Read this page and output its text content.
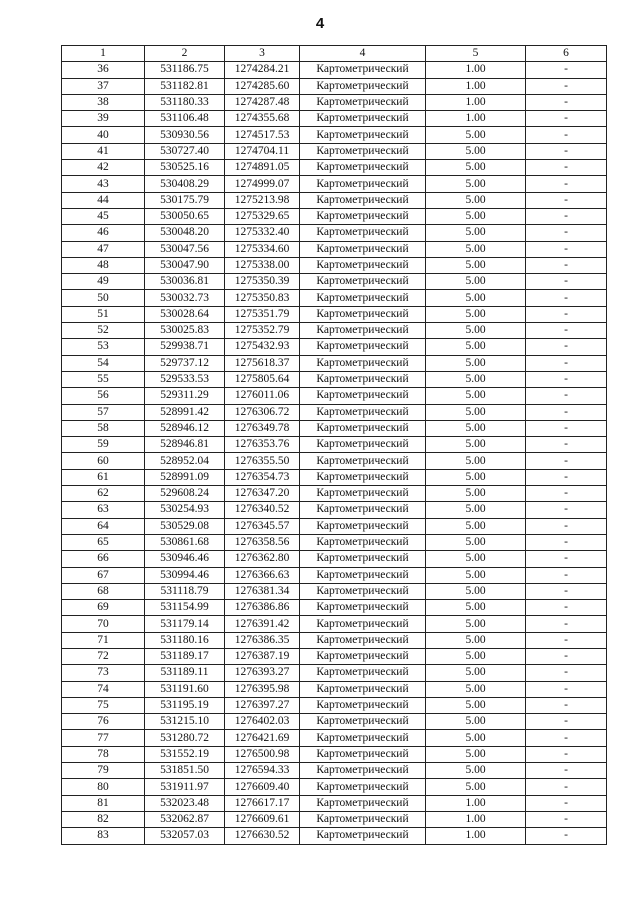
4
1	2	3	4	5	6
36	531186.75	1274284.21	Картометрический	1.00	-
37	531182.81	1274285.60	Картометрический	1.00	-
38	531180.33	1274287.48	Картометрический	1.00	-
39	531106.48	1274355.68	Картометрический	1.00	-
40	530930.56	1274517.53	Картометрический	5.00	-
41	530727.40	1274704.11	Картометрический	5.00	-
42	530525.16	1274891.05	Картометрический	5.00	-
43	530408.29	1274999.07	Картометрический	5.00	-
44	530175.79	1275213.98	Картометрический	5.00	-
45	530050.65	1275329.65	Картометрический	5.00	-
46	530048.20	1275332.40	Картометрический	5.00	-
47	530047.56	1275334.60	Картометрический	5.00	-
48	530047.90	1275338.00	Картометрический	5.00	-
49	530036.81	1275350.39	Картометрический	5.00	-
50	530032.73	1275350.83	Картометрический	5.00	-
51	530028.64	1275351.79	Картометрический	5.00	-
52	530025.83	1275352.79	Картометрический	5.00	-
53	529938.71	1275432.93	Картометрический	5.00	-
54	529737.12	1275618.37	Картометрический	5.00	-
55	529533.53	1275805.64	Картометрический	5.00	-
56	529311.29	1276011.06	Картометрический	5.00	-
57	528991.42	1276306.72	Картометрический	5.00	-
58	528946.12	1276349.78	Картометрический	5.00	-
59	528946.81	1276353.76	Картометрический	5.00	-
60	528952.04	1276355.50	Картометрический	5.00	-
61	528991.09	1276354.73	Картометрический	5.00	-
62	529608.24	1276347.20	Картометрический	5.00	-
63	530254.93	1276340.52	Картометрический	5.00	-
64	530529.08	1276345.57	Картометрический	5.00	-
65	530861.68	1276358.56	Картометрический	5.00	-
66	530946.46	1276362.80	Картометрический	5.00	-
67	530994.46	1276366.63	Картометрический	5.00	-
68	531118.79	1276381.34	Картометрический	5.00	-
69	531154.99	1276386.86	Картометрический	5.00	-
70	531179.14	1276391.42	Картометрический	5.00	-
71	531180.16	1276386.35	Картометрический	5.00	-
72	531189.17	1276387.19	Картометрический	5.00	-
73	531189.11	1276393.27	Картометрический	5.00	-
74	531191.60	1276395.98	Картометрический	5.00	-
75	531195.19	1276397.27	Картометрический	5.00	-
76	531215.10	1276402.03	Картометрический	5.00	-
77	531280.72	1276421.69	Картометрический	5.00	-
78	531552.19	1276500.98	Картометрический	5.00	-
79	531851.50	1276594.33	Картометрический	5.00	-
80	531911.97	1276609.40	Картометрический	5.00	-
81	532023.48	1276617.17	Картометрический	1.00	-
82	532062.87	1276609.61	Картометрический	1.00	-
83	532057.03	1276630.52	Картометрический	1.00	-
